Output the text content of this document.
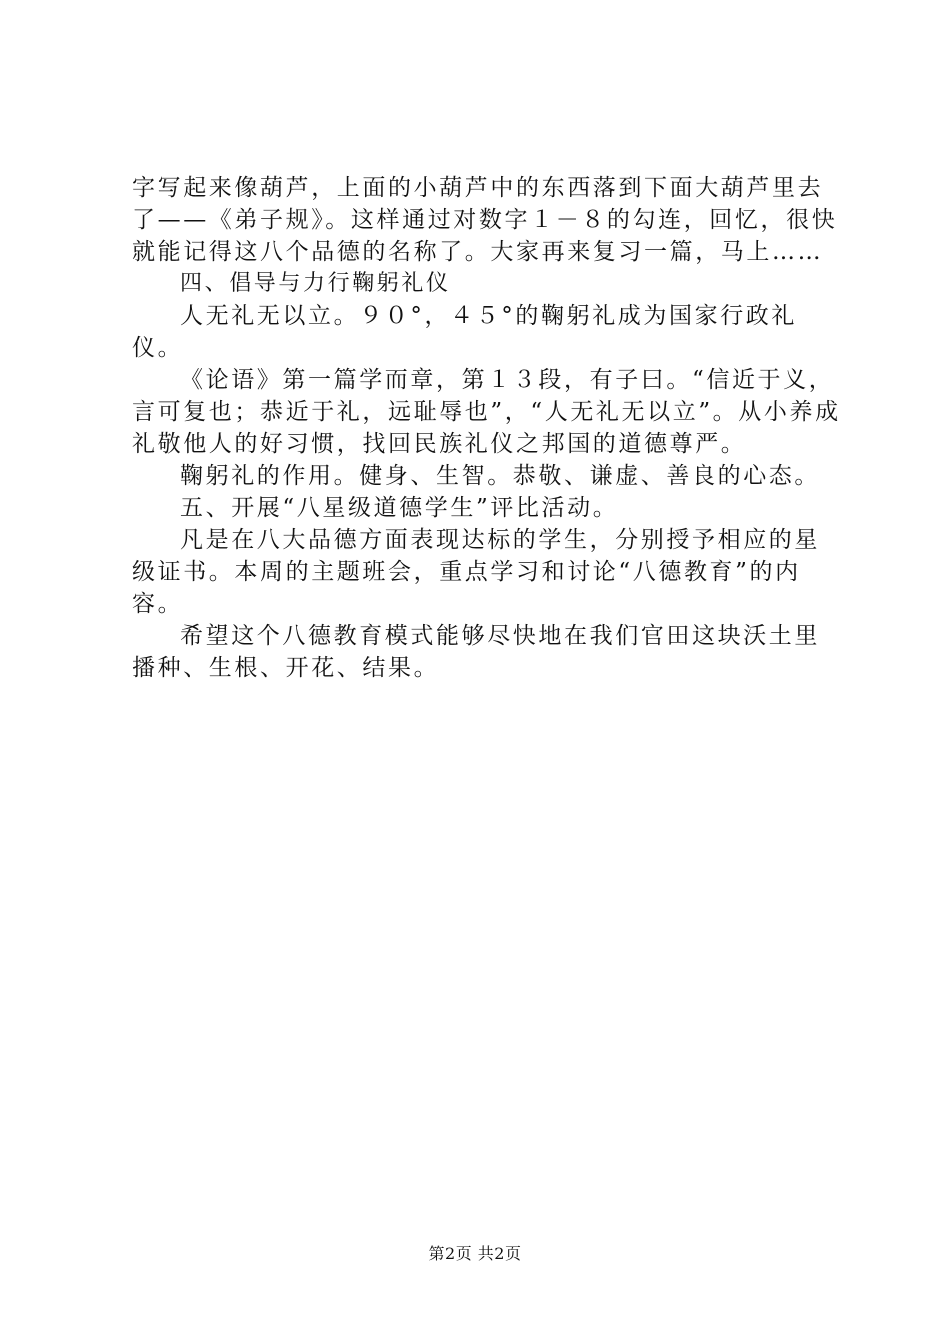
字写起来像葫芦，上面的小葫芦中的东西落到下面大葫芦里去了——《弟子规》。这样通过对数字１－８的勾连，回忆，很快就能记得这八个品德的名称了。大家再来复习一篇，马上……

四、倡导与力行鞠躬礼仪

人无礼无以立。９０°，４５°的鞠躬礼成为国家行政礼仪。

《论语》第一篇学而章，第１３段，有子曰。“信近于义，言可复也；恭近于礼，远耻辱也”，“人无礼无以立”。从小养成礼敬他人的好习惯，找回民族礼仪之邦国的道德尊严。

鞠躬礼的作用。健身、生智。恭敬、谦虚、善良的心态。

五、开展“八星级道德学生”评比活动。

凡是在八大品德方面表现达标的学生，分别授予相应的星级证书。本周的主题班会，重点学习和讨论“八德教育”的内容。

希望这个八德教育模式能够尽快地在我们官田这块沃土里播种、生根、开花、结果。

第2页 共2页
